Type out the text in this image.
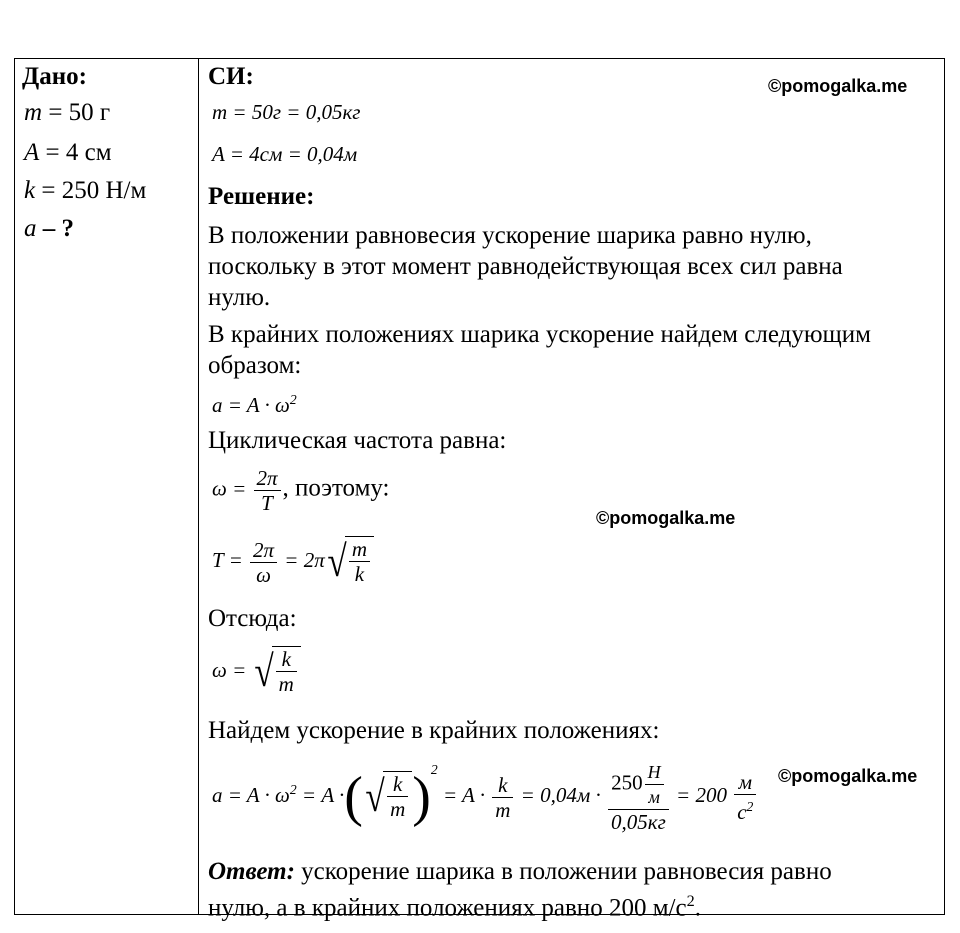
Дано:
m = 50 г
A = 4 см
k = 250 Н/м
a – ?
СИ:	©pomogalka.me
m = 50г = 0,05кг
A = 4см = 0,04м
Решение:
В положении равновесия ускорение шарика равно нулю,
поскольку в этот момент равнодействующая всех сил равна
нулю.
В крайних положениях шарика ускорение найдем следующим
образом:
$a = A \cdot \omega^2$
Циклическая частота равна:
$\omega = \frac{2\pi}{T}$ , поэтому:
©pomogalka.me
$T = \frac{2\pi}{\omega} = 2\pi$ √ $\frac{m}{k}$
Отсюда:
ω = √ $\frac{k}{m}$
Найдем ускорение в крайних положениях:
©pomogalka.me
$a = A \cdot \omega^2 = A$ ·( √ $\frac{k}{m} )^2 = A \cdot \frac{k}{m} = 0,04м \cdot \frac{250 \frac{Н}{м}}{0,05кг} = 200 \frac{м}{с^2}$
Ответ: ускорение шарика в положении равновесия равно
нулю, а в крайних положениях равно 200 $м/с^2$.
